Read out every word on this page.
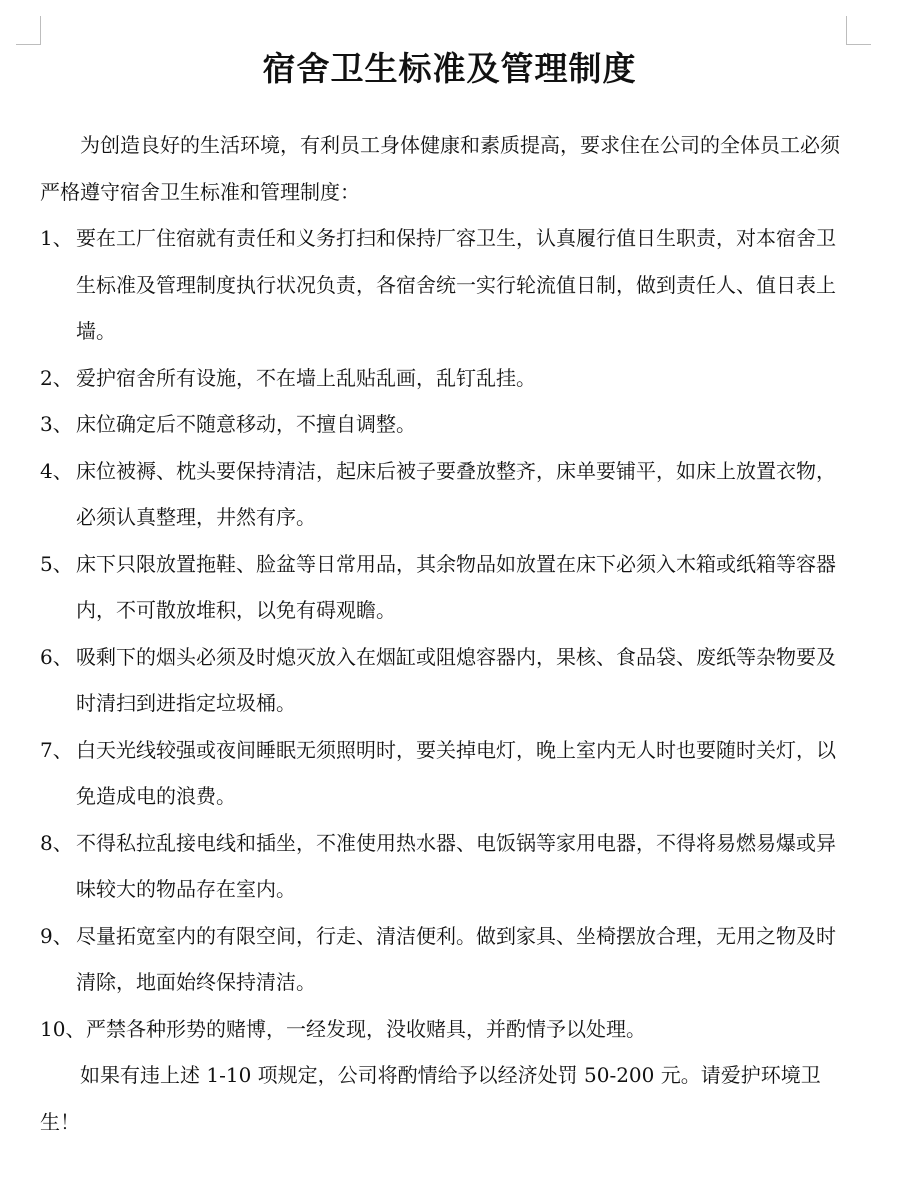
宿舍卫生标准及管理制度

为创造良好的生活环境，有利员工身体健康和素质提高，要求住在公司的全体员工必须严格遵守宿舍卫生标准和管理制度：

1、 要在工厂住宿就有责任和义务打扫和保持厂容卫生，认真履行值日生职责，对本宿舍卫生标准及管理制度执行状况负责，各宿舍统一实行轮流值日制，做到责任人、值日表上墙。
2、 爱护宿舍所有设施，不在墙上乱贴乱画，乱钉乱挂。
3、 床位确定后不随意移动，不擅自调整。
4、 床位被褥、枕头要保持清洁，起床后被子要叠放整齐，床单要铺平，如床上放置衣物，必须认真整理，井然有序。
5、 床下只限放置拖鞋、脸盆等日常用品，其余物品如放置在床下必须入木箱或纸箱等容器内，不可散放堆积，以免有碍观瞻。
6、 吸剩下的烟头必须及时熄灭放入在烟缸或阻熄容器内，果核、食品袋、废纸等杂物要及时清扫到进指定垃圾桶。
7、 白天光线较强或夜间睡眠无须照明时，要关掉电灯，晚上室内无人时也要随时关灯，以免造成电的浪费。
8、 不得私拉乱接电线和插坐，不准使用热水器、电饭锅等家用电器，不得将易燃易爆或异味较大的物品存在室内。
9、 尽量拓宽室内的有限空间，行走、清洁便利。做到家具、坐椅摆放合理，无用之物及时清除，地面始终保持清洁。
10、 严禁各种形势的赌博，一经发现，没收赌具，并酌情予以处理。

如果有违上述 1-10 项规定，公司将酌情给予以经济处罚 50-200 元。请爱护环境卫生！
